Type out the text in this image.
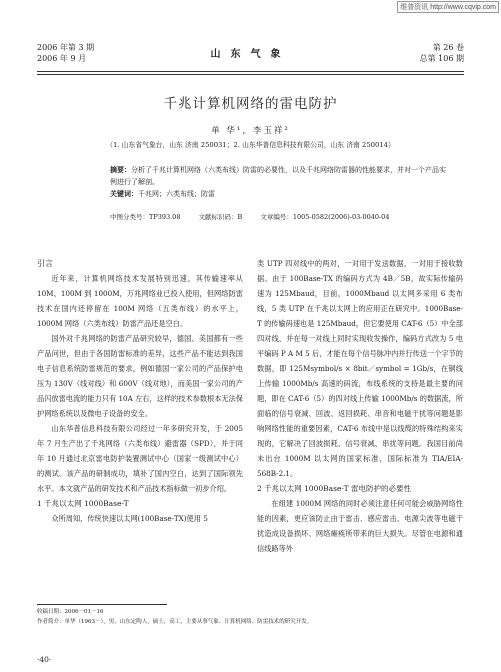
维普资讯 http://www.cqvip.com
2006 年第 3 期
2006 年 9 月	山东气象
第 26 卷
总第 106 期
千兆计算机网络的雷电防护
单 华¹，李玉祥²
（1. 山东省气象台，山东 济南 250031；2. 山东华普信息科技有限公司，山东 济南 250014）
摘要：分析了千兆计算机网络（六类布线）防雷的必要性，以及千兆网络防雷器的性能要求，并对一个产品实例进行了解剖。
关键词：千兆网；六类布线；防雷
中图分类号：TP393.08	文献标识码：B	文章编号：1005-0582(2006)-03-0040-04

引言

近年来，计算机网络技术发展特别迅速，其传输速率从 10M、100M 到 1000M，万兆网络业已投入使用，但网络防雷技术在国内还停留在 100M 网络（五类布线）的水平上，1000M 网络（六类布线）防雷产品还是空白。

国外对千兆网络的防雷产品研究较早，德国、美国都有一些产品问世，但由于各国防雷标准的差异，这些产品不能达到我国电子信息系统防雷规范的要求，例如德国一家公司的产品保护电压为 130V（线对线）和 600V（线对地），而美国一家公司的产品闪放雷电流的能力只有 10A 左右，这样的技术参数根本无法保护网络系统以及微电子设备的安全。

山东华普信息科技有限公司经过一年多研究开发，于 2005 年 7 月生产出了千兆网络（六类布线）避雷器（SPD），并于同年 10 月通过北京雷电防护装置测试中心（国家一级测试中心）的测试。该产品的研制成功，填补了国内空白，达到了国际领先水平。本文就产品的研发技术和产品技术指标做一初步介绍。

1 千兆以太网 1000Base-T

众所周知，传统快速以太网(100Base-TX)使用 5

类 UTP 四对线中的两对，一对用于发送数据，一对用于接收数据。由于 100Base-TX 的编码方式为 4B／5B，故实际传输码速为 125Mbaud，目前，1000Mbaud 以太网多采用 6 类布线，5 类 UTP 在千兆以太网上的应用正在研究中。1000Base-T 的传输码速也是 125Mbaud，但它要使用 CAT-6（5）中全部四对线，并在每一对线上同时实现收发操作，编码方式改为 5 电平编码 P A M 5 后，才能在每个信号脉冲内并行传送一个字节的数据，即 125Msymbol/s × 8bit／symbol = 1Gb/s，在铜线上传输 1000Mb/s 高速的码流，布线系统的支持是最主要的问题，即在 CAT-6（5）的四对线上传输 1000Mb/s 的数据流，所面临的信号衰减、回波、返回损耗、串音和电磁干扰等问题是影响网络性能的重要因素，CAT-6 布线中是以线缆的特殊结构来实现的，它解决了回波损耗、信号衰减、串扰等问题。我国目前尚未出台 1000M 以太网的国家标准，国际标准为 TIA/EIA-568B-2.1。

2 千兆以太网 1000Base-T 雷电防护的必要性

在组建 1000M 网络的同时必须注意任何可能会威胁网络性能的因素，更应该防止由于雷击、感应雷击、电源尖波等电磁干扰造成设备损坏、网络瘫痪所带来的巨大损失。尽管在电源和通信线路等外

收稿日期：2006－01－16
作者简介：单华（1963－），男，山东定陶人，硕士，高工，主要从事气象、计算机网络、防雷技术的研究开发。
·40·
